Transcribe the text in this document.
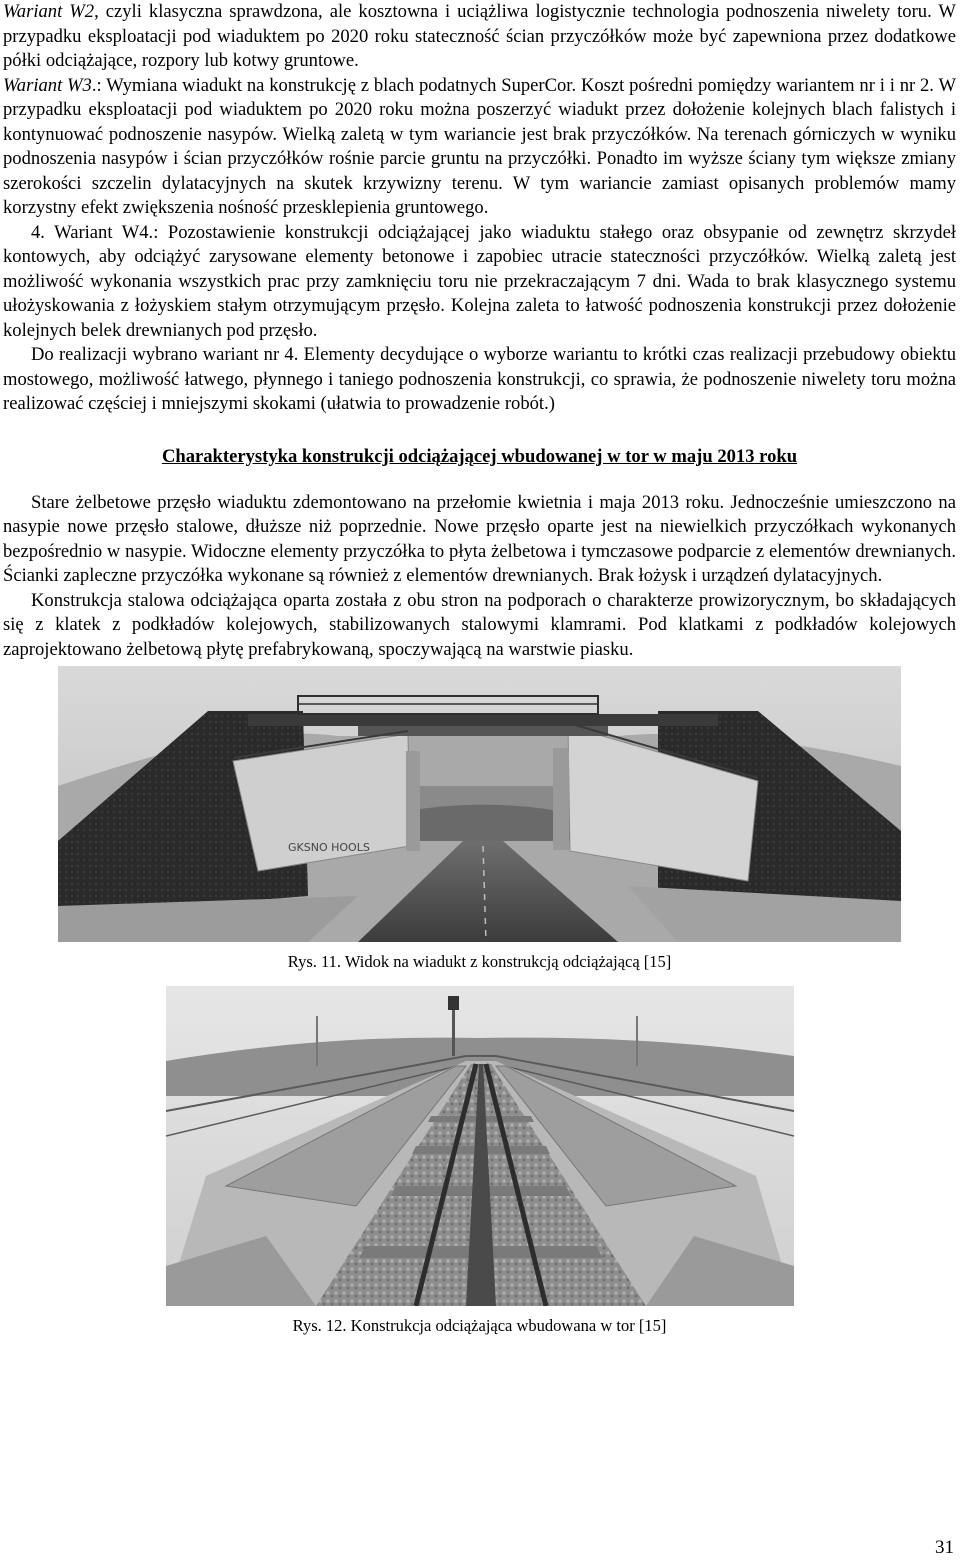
Wariant W2, czyli klasyczna sprawdzona, ale kosztowna i uciążliwa logistycznie technologia podnoszenia niwelety toru. W przypadku eksploatacji pod wiaduktem po 2020 roku stateczność ścian przyczółków może być zapewniona przez dodatkowe półki odciążające, rozpory lub kotwy gruntowe.

Wariant W3.: Wymiana wiadukt na konstrukcję z blach podatnych SuperCor. Koszt pośredni pomiędzy wariantem nr i i nr 2. W przypadku eksploatacji pod wiaduktem po 2020 roku można poszerzyć wiadukt przez dołożenie kolejnych blach falistych i kontynuować podnoszenie nasypów. Wielką zaletą w tym wariancie jest brak przyczółków. Na terenach górniczych w wyniku podnoszenia nasypów i ścian przyczółków rośnie parcie gruntu na przyczółki. Ponadto im wyższe ściany tym większe zmiany szerokości szczelin dylatacyjnych na skutek krzywizny terenu. W tym wariancie zamiast opisanych problemów mamy korzystny efekt zwiększenia nośność przesklepienia gruntowego.

4. Wariant W4.: Pozostawienie konstrukcji odciążającej jako wiaduktu stałego oraz obsypanie od zewnętrz skrzydeł kontowych, aby odciążyć zarysowane elementy betonowe i zapobiec utracie stateczności przyczółków. Wielką zaletą jest możliwość wykonania wszystkich prac przy zamknięciu toru nie przekraczającym 7 dni. Wada to brak klasycznego systemu ułożyskowania z łożyskiem stałym otrzymującym przęsło. Kolejna zaleta to łatwość podnoszenia konstrukcji przez dołożenie kolejnych belek drewnianych pod przęsło.

Do realizacji wybrano wariant nr 4. Elementy decydujące o wyborze wariantu to krótki czas realizacji przebudowy obiektu mostowego, możliwość łatwego, płynnego i taniego podnoszenia konstrukcji, co sprawia, że podnoszenie niwelety toru można realizować częściej i mniejszymi skokami (ułatwia to prowadzenie robót.)

Charakterystyka konstrukcji odciążającej wbudowanej w tor w maju 2013 roku

Stare żelbetowe przęsło wiaduktu zdemontowano na przełomie kwietnia i maja 2013 roku. Jednocześnie umieszczono na nasypie nowe przęsło stalowe, dłuższe niż poprzednie. Nowe przęsło oparte jest na niewielkich przyczółkach wykonanych bezpośrednio w nasypie. Widoczne elementy przyczółka to płyta żelbetowa i tymczasowe podparcie z elementów drewnianych. Ścianki zapleczne przyczółka wykonane są również z elementów drewnianych. Brak łożysk i urządzeń dylatacyjnych.

Konstrukcja stalowa odciążająca oparta została z obu stron na podporach o charakterze prowizorycznym, bo składających się z klatek z podkładów kolejowych, stabilizowanych stalowymi klamrami. Pod klatkami z podkładów kolejowych zaprojektowano żelbetową płytę prefabrykowaną, spoczywającą na warstwie piasku.

GKSNO HOOLS
Rys. 11. Widok na wiadukt z konstrukcją odciążającą [15]
Rys. 12. Konstrukcja odciążająca wbudowana w tor [15]
31
